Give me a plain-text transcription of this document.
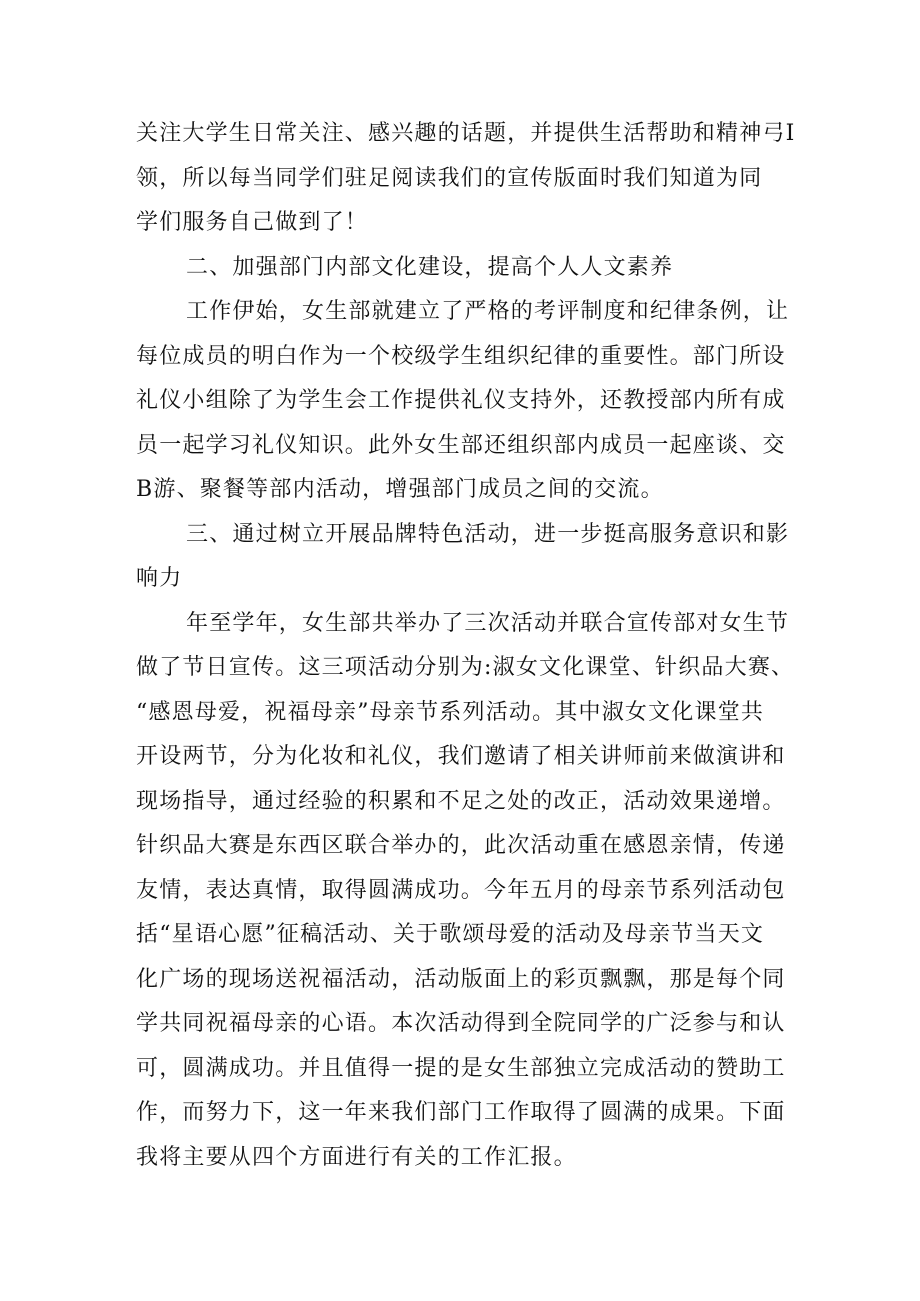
关注大学生日常关注、感兴趣的话题，并提供生活帮助和精神弓I
领，所以每当同学们驻足阅读我们的宣传版面时我们知道为同
学们服务自己做到了！
二、加强部门内部文化建设，提高个人人文素养
工作伊始，女生部就建立了严格的考评制度和纪律条例，让
每位成员的明白作为一个校级学生组织纪律的重要性。部门所设
礼仪小组除了为学生会工作提供礼仪支持外，还教授部内所有成
员一起学习礼仪知识。此外女生部还组织部内成员一起座谈、交
B游、聚餐等部内活动，增强部门成员之间的交流。
三、通过树立开展品牌特色活动，进一步挺高服务意识和影
响力
年至学年，女生部共举办了三次活动并联合宣传部对女生节
做了节日宣传。这三项活动分别为:淑女文化课堂、针织品大赛、
“感恩母爱，祝福母亲”母亲节系列活动。其中淑女文化课堂共
开设两节，分为化妆和礼仪，我们邀请了相关讲师前来做演讲和
现场指导，通过经验的积累和不足之处的改正，活动效果递增。
针织品大赛是东西区联合举办的，此次活动重在感恩亲情，传递
友情，表达真情，取得圆满成功。今年五月的母亲节系列活动包
括“星语心愿”征稿活动、关于歌颂母爱的活动及母亲节当天文
化广场的现场送祝福活动，活动版面上的彩页飘飘，那是每个同
学共同祝福母亲的心语。本次活动得到全院同学的广泛参与和认
可，圆满成功。并且值得一提的是女生部独立完成活动的赞助工
作，而努力下，这一年来我们部门工作取得了圆满的成果。下面
我将主要从四个方面进行有关的工作汇报。
